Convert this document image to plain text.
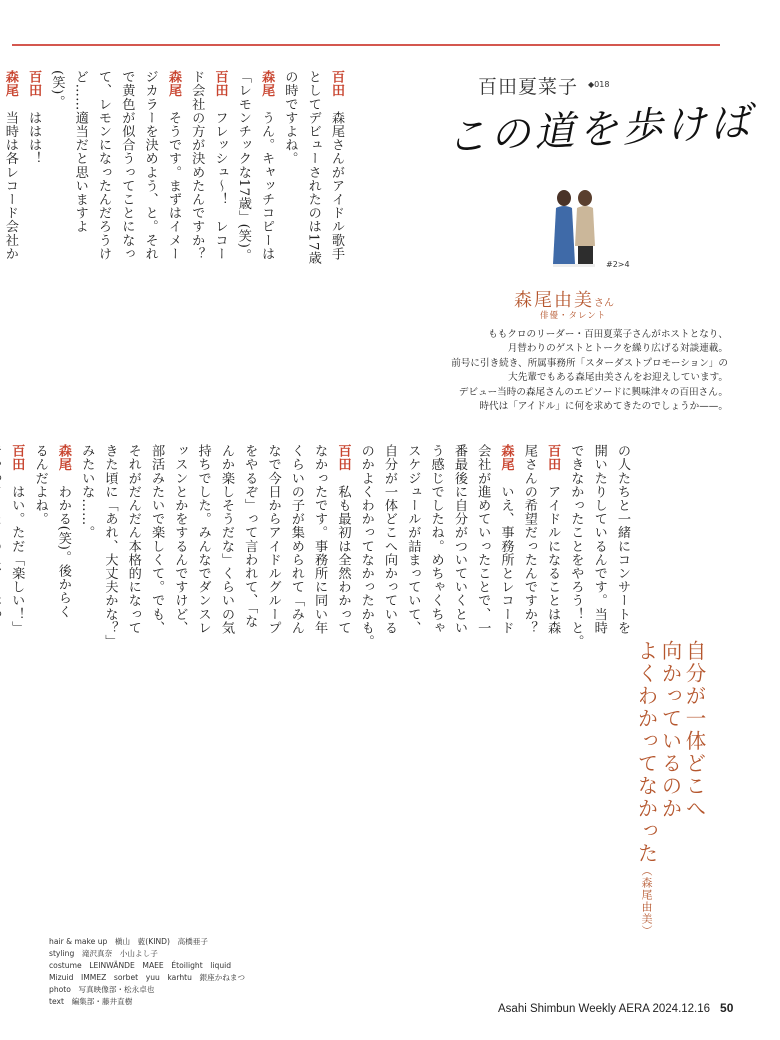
百田夏菜子 ◆018
この道を歩けば
#2>4
森尾由美さん
俳優・タレント
ももクロのリーダー・百田夏菜子さんがホストとなり、
月替わりのゲストとトークを繰り広げる対談連載。
前号に引き続き、所属事務所「スターダストプロモーション」の
大先輩でもある森尾由美さんをお迎えしています。
デビュー当時の森尾さんのエピソードに興味津々の百田さん。
時代は「アイドル」に何を求めてきたのでしょうか——。
百田　森尾さんがアイドル歌手
としてデビューされたのは17歳
の時ですよね。
森尾　うん。キャッチコピーは
「レモンチックな17歳」(笑)。
百田　フレッシュ〜！　レコー
ド会社の方が決めたんですか？
森尾　そうです。まずはイメー
ジカラーを決めよう、と。それ
で黄色が似合うってことになっ
て、レモンになったんだろうけ
ど……適当だと思いますよ(笑)。
百田　ははは！
森尾　当時は各レコード会社か

の人たちと一緒にコンサートを
開いたりしているんです。当時
できなかったことをやろう！と。
百田　アイドルになることは森
尾さんの希望だったんですか？
森尾　いえ、事務所とレコード
会社が進めていったことで、一
番最後に自分がついていくとい
う感じでしたね。めちゃくちゃ
スケジュールが詰まっていて、
自分が一体どこへ向かっている
のかよくわかってなかったかも。
百田　私も最初は全然わかって
なかったです。事務所に同い年
くらいの子が集められて「みん
なで今日からアイドルグループ
をやるぞ」って言われて、「な
んか楽しそうだな」くらいの気
持ちでした。みんなでダンスレ
ッスンとかをするんですけど、
部活みたいで楽しくて。でも、
それがだんだん本格的になって
きた頃に「あれ、大丈夫かな？」
みたいな……。
森尾　わかる(笑)。後からく
るんだよね。
百田　はい。ただ「楽しい！」

自分が一体どこへ
向かっているのか
よくわかってなかった（森尾由美）
hair & make up　槇山　藍(KIND)　高橋亜子
styling　滝沢真奈　小山よし子
costume　LEINWÄNDE　MAEE　Étoilight　liquid
Mizuid　IMMEZ　sorbet　yuu　karhtu　銀座かねまつ
photo　写真映像部・松永卓也
text　編集部・藤井直樹
Asahi Shimbun Weekly AERA 2024.12.16 50
